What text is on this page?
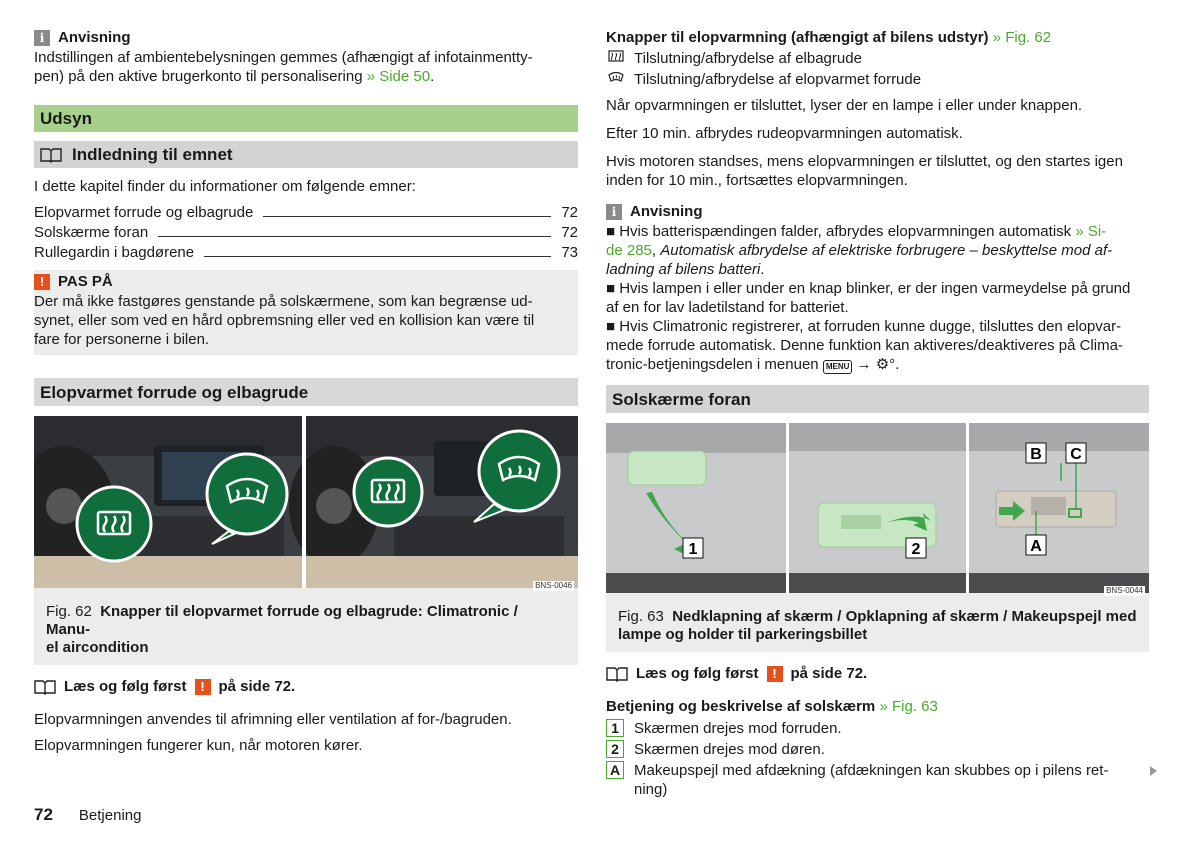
i Anvisning

Indstillingen af ambientebelysningen gemmes (afhængigt af infotainmentty-

pen) på den aktive brugerkonto til personalisering » Side 50.

Udsyn
Indledning til emnet

I dette kapitel finder du informationer om følgende emner:

Elopvarmet forrude og elbagrude	72
Solskærme foran	72
Rullegardin i bagdørene	73
! PAS PÅ

Der må ikke fastgøres genstande på solskærmene, som kan begrænse ud-

synet, eller som ved en hård opbremsning eller ved en kollision kan være til

fare for personerne i bilen.

Elopvarmet forrude og elbagrude
BNS-0046
Fig. 62 Knapper til elopvarmet forrude og elbagrude: Climatronic / Manu-
el aircondition
Læs og følg først	! på side 72.

Elopvarmningen anvendes til afrimning eller ventilation af for-/bagruden.

Elopvarmningen fungerer kun, når motoren kører.

Knapper til elopvarmning (afhængigt af bilens udstyr) » Fig. 62

Tilslutning/afbrydelse af elbagrude

Tilslutning/afbrydelse af elopvarmet forrude

Når opvarmningen er tilsluttet, lyser der en lampe i eller under knappen.

Efter 10 min. afbrydes rudeopvarmningen automatisk.

Hvis motoren standses, mens elopvarmningen er tilsluttet, og den startes igen

inden for 10 min., fortsættes elopvarmningen.

i Anvisning

■ Hvis batterispændingen falder, afbrydes elopvarmningen automatisk » Si-

de 285, Automatisk afbrydelse af elektriske forbrugere – beskyttelse mod af-

ladning af bilens batteri.

■ Hvis lampen i eller under en knap blinker, er der ingen varmeydelse på grund

af en for lav ladetilstand for batteriet.

■ Hvis Climatronic registrerer, at forruden kunne dugge, tilsluttes den elopvar-

mede forrude automatisk. Denne funktion kan aktiveres/deaktiveres på Clima-

tronic-betjeningsdelen i menuen MENU → ⚙°.

Solskærme foran
1	2
B C
A
BNS-0044
Fig. 63 Nedklapning af skærm / Opklapning af skærm / Makeupspejl med
lampe og holder til parkeringsbillet
Læs og følg først	! på side 72.

Betjening og beskrivelse af solskærm » Fig. 63

1 Skærmen drejes mod forruden.

2 Skærmen drejes mod døren.

A Makeupspejl med afdækning (afdækningen kan skubbes op i pilens ret-

ning)

72 Betjening
